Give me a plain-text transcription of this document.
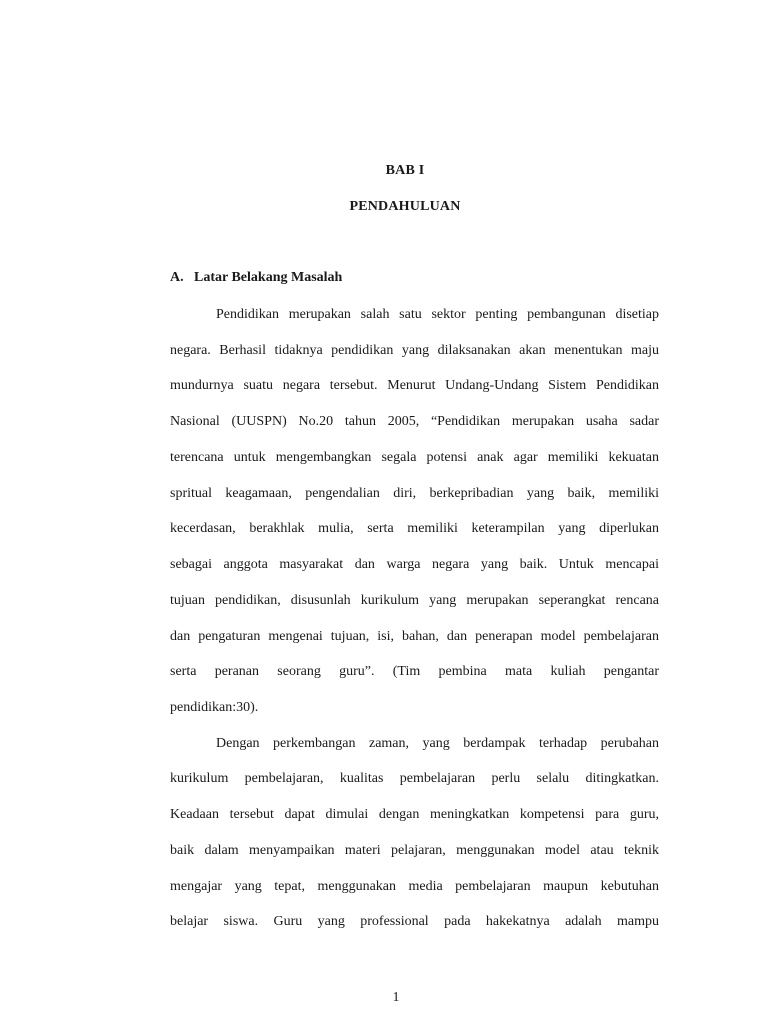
BAB I
PENDAHULUAN
A. Latar Belakang Masalah
Pendidikan merupakan salah satu sektor penting pembangunan disetiap
negara. Berhasil tidaknya pendidikan yang dilaksanakan akan menentukan maju
mundurnya suatu negara tersebut. Menurut Undang-Undang Sistem Pendidikan
Nasional (UUSPN) No.20 tahun 2005, “Pendidikan merupakan usaha sadar
terencana untuk mengembangkan segala potensi anak agar memiliki kekuatan
spritual keagamaan, pengendalian diri, berkepribadian yang baik, memiliki
kecerdasan, berakhlak mulia, serta memiliki keterampilan yang diperlukan
sebagai anggota masyarakat dan warga negara yang baik. Untuk mencapai
tujuan pendidikan, disusunlah kurikulum yang merupakan seperangkat rencana
dan pengaturan mengenai tujuan, isi, bahan, dan penerapan model pembelajaran
serta peranan seorang guru”. (Tim pembina mata kuliah pengantar
pendidikan:30).
Dengan perkembangan zaman, yang berdampak terhadap perubahan
kurikulum pembelajaran, kualitas pembelajaran perlu selalu ditingkatkan.
Keadaan tersebut dapat dimulai dengan meningkatkan kompetensi para guru,
baik dalam menyampaikan materi pelajaran, menggunakan model atau teknik
mengajar yang tepat, menggunakan media pembelajaran maupun kebutuhan
belajar siswa. Guru yang professional pada hakekatnya adalah mampu
1
